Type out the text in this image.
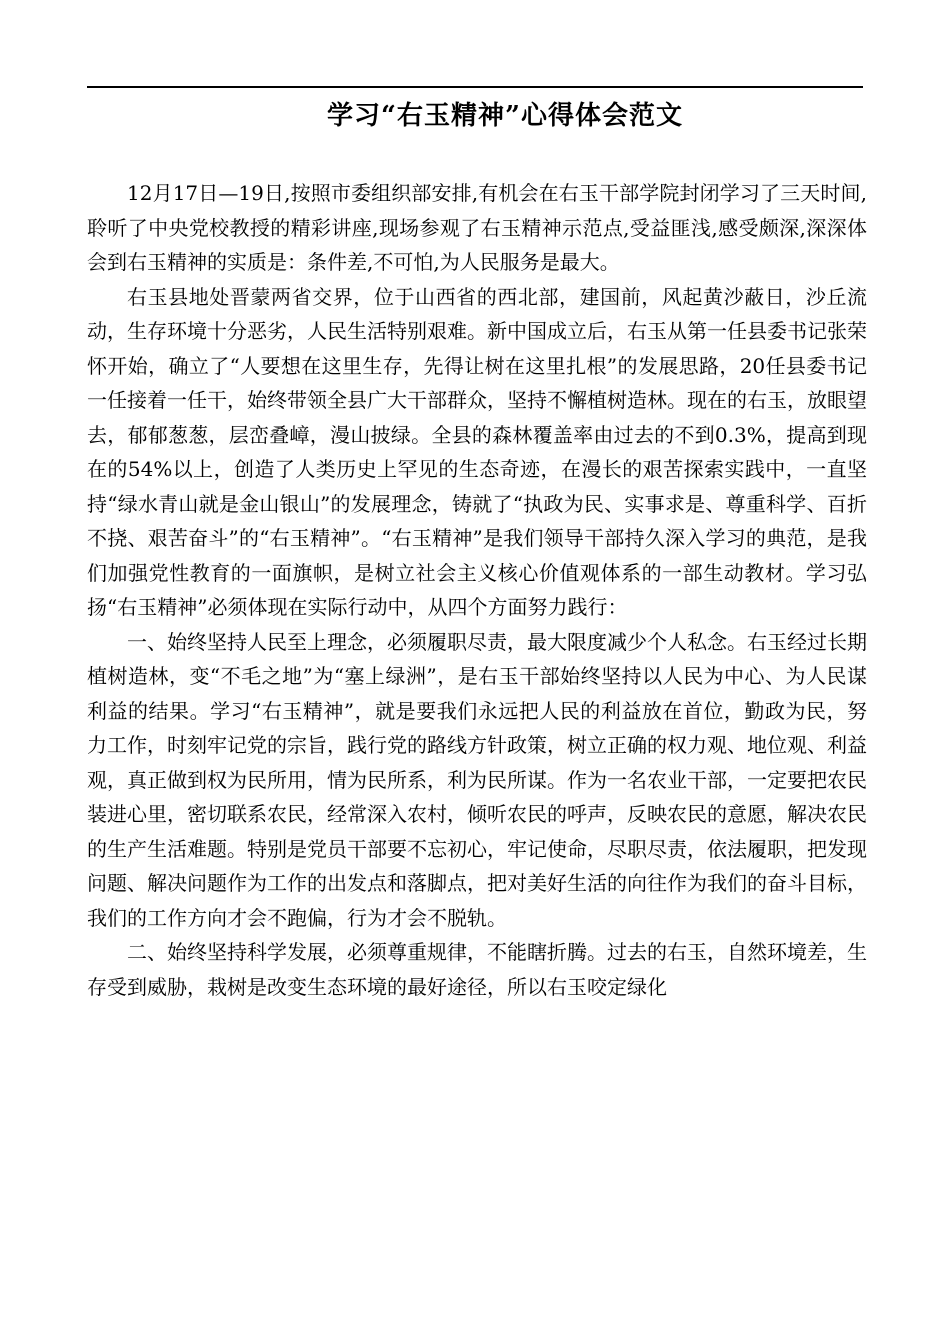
学习“右玉精神”心得体会范文

12月17日—19日,按照市委组织部安排,有机会在右玉干部学院封闭学习了三天时间,聆听了中央党校教授的精彩讲座,现场参观了右玉精神示范点,受益匪浅,感受颇深,深深体会到右玉精神的实质是：条件差,不可怕,为人民服务是最大。

右玉县地处晋蒙两省交界，位于山西省的西北部，建国前，风起黄沙蔽日，沙丘流动，生存环境十分恶劣，人民生活特别艰难。新中国成立后，右玉从第一任县委书记张荣怀开始，确立了“人要想在这里生存，先得让树在这里扎根”的发展思路，20任县委书记一任接着一任干，始终带领全县广大干部群众，坚持不懈植树造林。现在的右玉，放眼望去，郁郁葱葱，层峦叠嶂，漫山披绿。全县的森林覆盖率由过去的不到0.3%，提高到现在的54%以上，创造了人类历史上罕见的生态奇迹，在漫长的艰苦探索实践中，一直坚持“绿水青山就是金山银山”的发展理念，铸就了“执政为民、实事求是、尊重科学、百折不挠、艰苦奋斗”的“右玉精神”。“右玉精神”是我们领导干部持久深入学习的典范，是我们加强党性教育的一面旗帜，是树立社会主义核心价值观体系的一部生动教材。学习弘扬“右玉精神”必须体现在实际行动中，从四个方面努力践行：

一、始终坚持人民至上理念，必须履职尽责，最大限度减少个人私念。右玉经过长期植树造林，变“不毛之地”为“塞上绿洲”，是右玉干部始终坚持以人民为中心、为人民谋利益的结果。学习“右玉精神”，就是要我们永远把人民的利益放在首位，勤政为民，努力工作，时刻牢记党的宗旨，践行党的路线方针政策，树立正确的权力观、地位观、利益观，真正做到权为民所用，情为民所系，利为民所谋。作为一名农业干部，一定要把农民装进心里，密切联系农民，经常深入农村，倾听农民的呼声，反映农民的意愿，解决农民的生产生活难题。特别是党员干部要不忘初心，牢记使命，尽职尽责，依法履职，把发现问题、解决问题作为工作的出发点和落脚点，把对美好生活的向往作为我们的奋斗目标，我们的工作方向才会不跑偏，行为才会不脱轨。

二、始终坚持科学发展，必须尊重规律，不能瞎折腾。过去的右玉，自然环境差，生存受到威胁，栽树是改变生态环境的最好途径，所以右玉咬定绿化
